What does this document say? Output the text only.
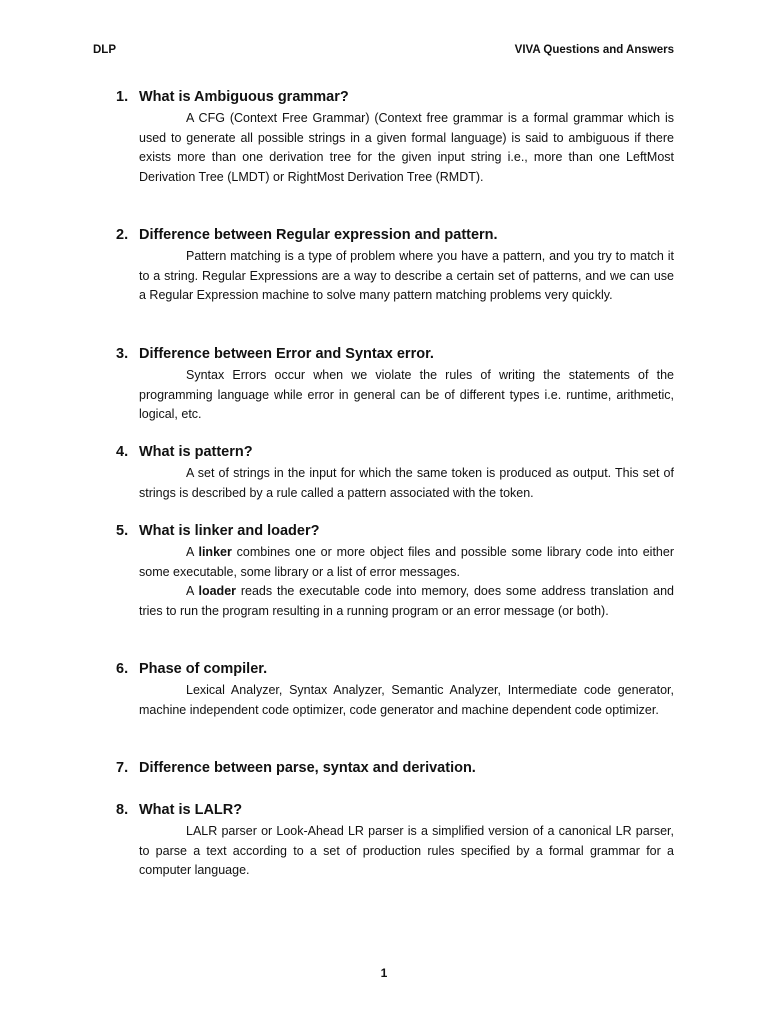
DLP	VIVA Questions and Answers
1. What is Ambiguous grammar?

A CFG (Context Free Grammar) (Context free grammar is a formal grammar which is used to generate all possible strings in a given formal language) is said to ambiguous if there exists more than one derivation tree for the given input string i.e., more than one LeftMost Derivation Tree (LMDT) or RightMost Derivation Tree (RMDT).

2. Difference between Regular expression and pattern.

Pattern matching is a type of problem where you have a pattern, and you try to match it to a string. Regular Expressions are a way to describe a certain set of patterns, and we can use a Regular Expression machine to solve many pattern matching problems very quickly.

3. Difference between Error and Syntax error.

Syntax Errors occur when we violate the rules of writing the statements of the programming language while error in general can be of different types i.e. runtime, arithmetic, logical, etc.

4. What is pattern?

A set of strings in the input for which the same token is produced as output. This set of strings is described by a rule called a pattern associated with the token.

5. What is linker and loader?

A linker combines one or more object files and possible some library code into either some executable, some library or a list of error messages.

A loader reads the executable code into memory, does some address translation and tries to run the program resulting in a running program or an error message (or both).

6. Phase of compiler.

Lexical Analyzer, Syntax Analyzer, Semantic Analyzer, Intermediate code generator, machine independent code optimizer, code generator and machine dependent code optimizer.

7. Difference between parse, syntax and derivation.
8. What is LALR?

LALR parser or Look-Ahead LR parser is a simplified version of a canonical LR parser, to parse a text according to a set of production rules specified by a formal grammar for a computer language.

1
